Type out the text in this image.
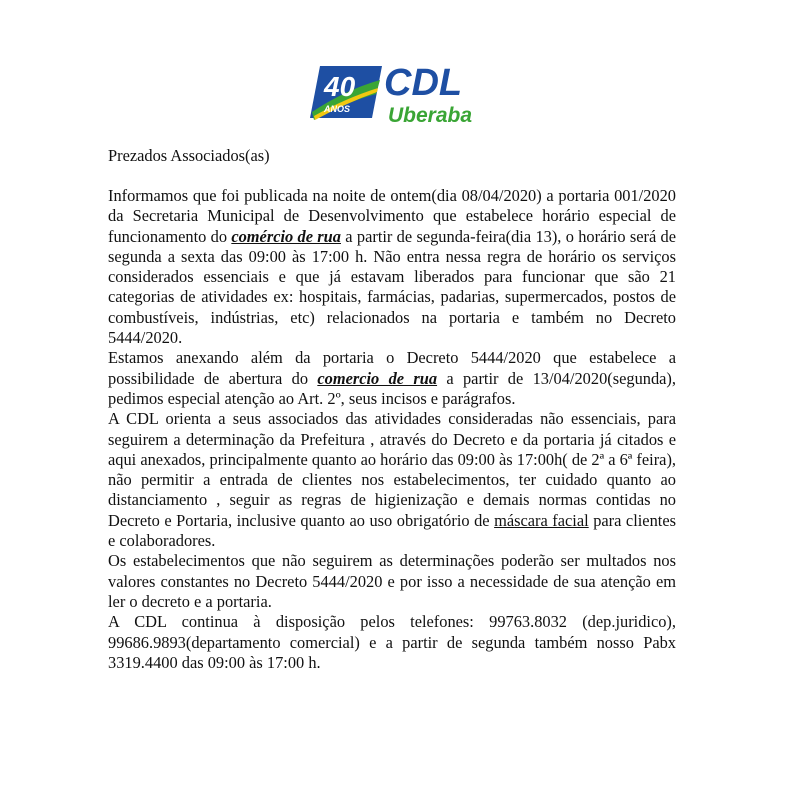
40
ANOS
CDL
Uberaba

Prezados Associados(as)

Informamos que foi publicada na noite de ontem(dia 08/04/2020) a portaria 001/2020 da Secretaria Municipal de Desenvolvimento que estabelece horário especial de funcionamento do comércio de rua a partir de segunda-feira(dia 13), o horário será de segunda a sexta das 09:00 às 17:00 h. Não entra nessa regra de horário os serviços considerados essenciais e que já estavam liberados para funcionar que são 21 categorias de atividades ex: hospitais, farmácias, padarias, supermercados, postos de combustíveis, indústrias, etc) relacionados na portaria e também no Decreto 5444/2020.

Estamos anexando além da portaria o Decreto 5444/2020 que estabelece a possibilidade de abertura do comercio de rua a partir de 13/04/2020(segunda), pedimos especial atenção ao Art. 2º, seus incisos e parágrafos.

A CDL orienta a seus associados das atividades consideradas não essenciais, para seguirem a determinação da Prefeitura , através do Decreto e da portaria já citados e aqui anexados, principalmente quanto ao horário das 09:00 às 17:00h( de 2ª a 6ª feira), não permitir a entrada de clientes nos estabelecimentos, ter cuidado quanto ao distanciamento , seguir as regras de higienização e demais normas contidas no Decreto e Portaria, inclusive quanto ao uso obrigatório de máscara facial para clientes e colaboradores.

Os estabelecimentos que não seguirem as determinações poderão ser multados nos valores constantes no Decreto 5444/2020 e por isso a necessidade de sua atenção em ler o decreto e a portaria.

A CDL continua à disposição pelos telefones: 99763.8032 (dep.juridico), 99686.9893(departamento comercial) e a partir de segunda também nosso Pabx 3319.4400 das 09:00 às 17:00 h.
